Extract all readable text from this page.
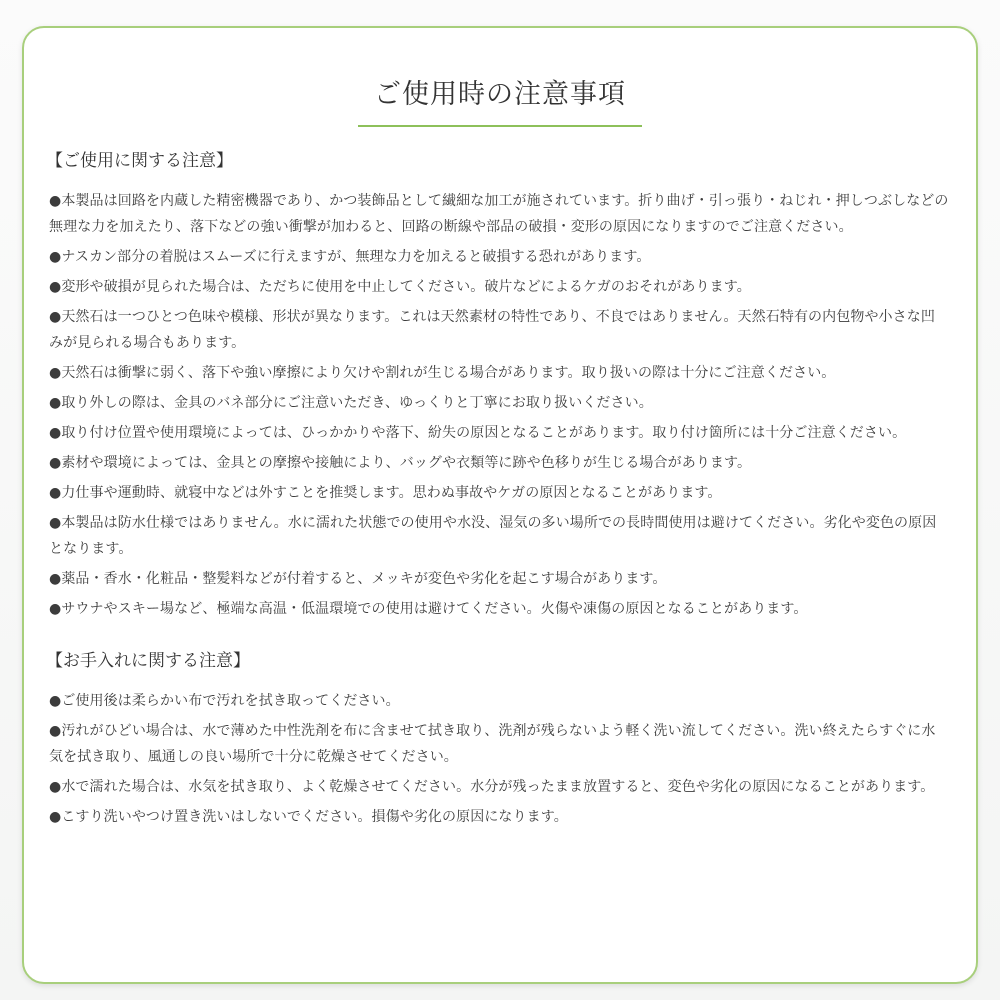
ご使用時の注意事項
【ご使用に関する注意】
●本製品は回路を内蔵した精密機器であり、かつ装飾品として繊細な加工が施されています。折り曲げ・引っ張り・ねじれ・押しつぶしなどの無理な力を加えたり、落下などの強い衝撃が加わると、回路の断線や部品の破損・変形の原因になりますのでご注意ください。
●ナスカン部分の着脱はスムーズに行えますが、無理な力を加えると破損する恐れがあります。
●変形や破損が見られた場合は、ただちに使用を中止してください。破片などによるケガのおそれがあります。
●天然石は一つひとつ色味や模様、形状が異なります。これは天然素材の特性であり、不良ではありません。天然石特有の内包物や小さな凹みが見られる場合もあります。
●天然石は衝撃に弱く、落下や強い摩擦により欠けや割れが生じる場合があります。取り扱いの際は十分にご注意ください。
●取り外しの際は、金具のバネ部分にご注意いただき、ゆっくりと丁寧にお取り扱いください。
●取り付け位置や使用環境によっては、ひっかかりや落下、紛失の原因となることがあります。取り付け箇所には十分ご注意ください。
●素材や環境によっては、金具との摩擦や接触により、バッグや衣類等に跡や色移りが生じる場合があります。
●力仕事や運動時、就寝中などは外すことを推奨します。思わぬ事故やケガの原因となることがあります。
●本製品は防水仕様ではありません。水に濡れた状態での使用や水没、湿気の多い場所での長時間使用は避けてください。劣化や変色の原因となります。
●薬品・香水・化粧品・整髪料などが付着すると、メッキが変色や劣化を起こす場合があります。
●サウナやスキー場など、極端な高温・低温環境での使用は避けてください。火傷や凍傷の原因となることがあります。
【お手入れに関する注意】
●ご使用後は柔らかい布で汚れを拭き取ってください。
●汚れがひどい場合は、水で薄めた中性洗剤を布に含ませて拭き取り、洗剤が残らないよう軽く洗い流してください。洗い終えたらすぐに水気を拭き取り、風通しの良い場所で十分に乾燥させてください。
●水で濡れた場合は、水気を拭き取り、よく乾燥させてください。水分が残ったまま放置すると、変色や劣化の原因になることがあります。
●こすり洗いやつけ置き洗いはしないでください。損傷や劣化の原因になります。
